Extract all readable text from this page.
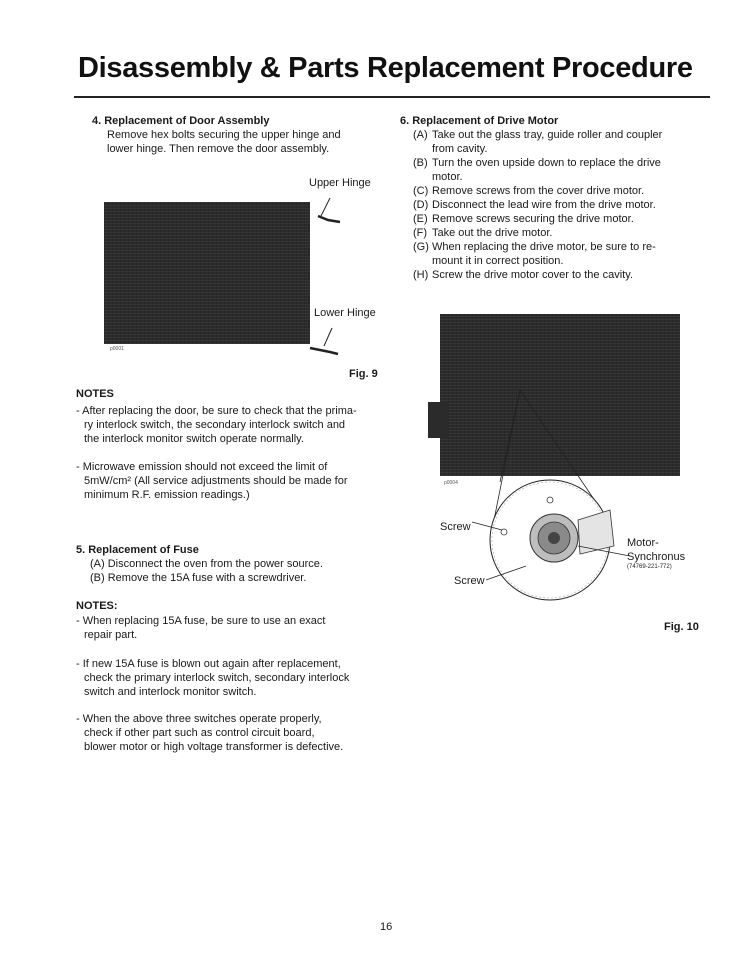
Disassembly & Parts Replacement Procedure
4. Replacement of Door Assembly
Remove hex bolts securing the upper hinge and
lower hinge. Then remove the door assembly.
Upper Hinge
p0001
Lower Hinge
Fig. 9
NOTES
- After replacing the door, be sure to check that the prima-
ry interlock switch, the secondary interlock switch and
the interlock monitor switch operate normally.
- Microwave emission should not exceed the limit of
5mW/cm² (All service adjustments should be made for
minimum R.F. emission readings.)
5. Replacement of Fuse
(A) Disconnect the oven from the power source.
(B) Remove the 15A fuse with a screwdriver.
NOTES:
- When replacing 15A fuse, be sure to use an exact
repair part.
- If new 15A fuse is blown out again after replacement,
check the primary interlock switch, secondary interlock
switch and interlock monitor switch.
- When the above three switches operate properly,
check if other part such as control circuit board,
blower motor or high voltage transformer is defective.
6. Replacement of Drive Motor
(A) Take out the glass tray, guide roller and coupler
from cavity.
(B) Turn the oven upside down to replace the drive
motor.
(C) Remove screws from the cover drive motor.
(D) Disconnect the lead wire from the drive motor.
(E) Remove screws securing the drive motor.
(F) Take out the drive motor.
(G) When replacing the drive motor, be sure to re-
mount it in correct position.
(H) Screw the drive motor cover to the cavity.
p0004
Screw
Screw
Motor-
Synchronus
(74769-221-772)
Fig. 10
16
